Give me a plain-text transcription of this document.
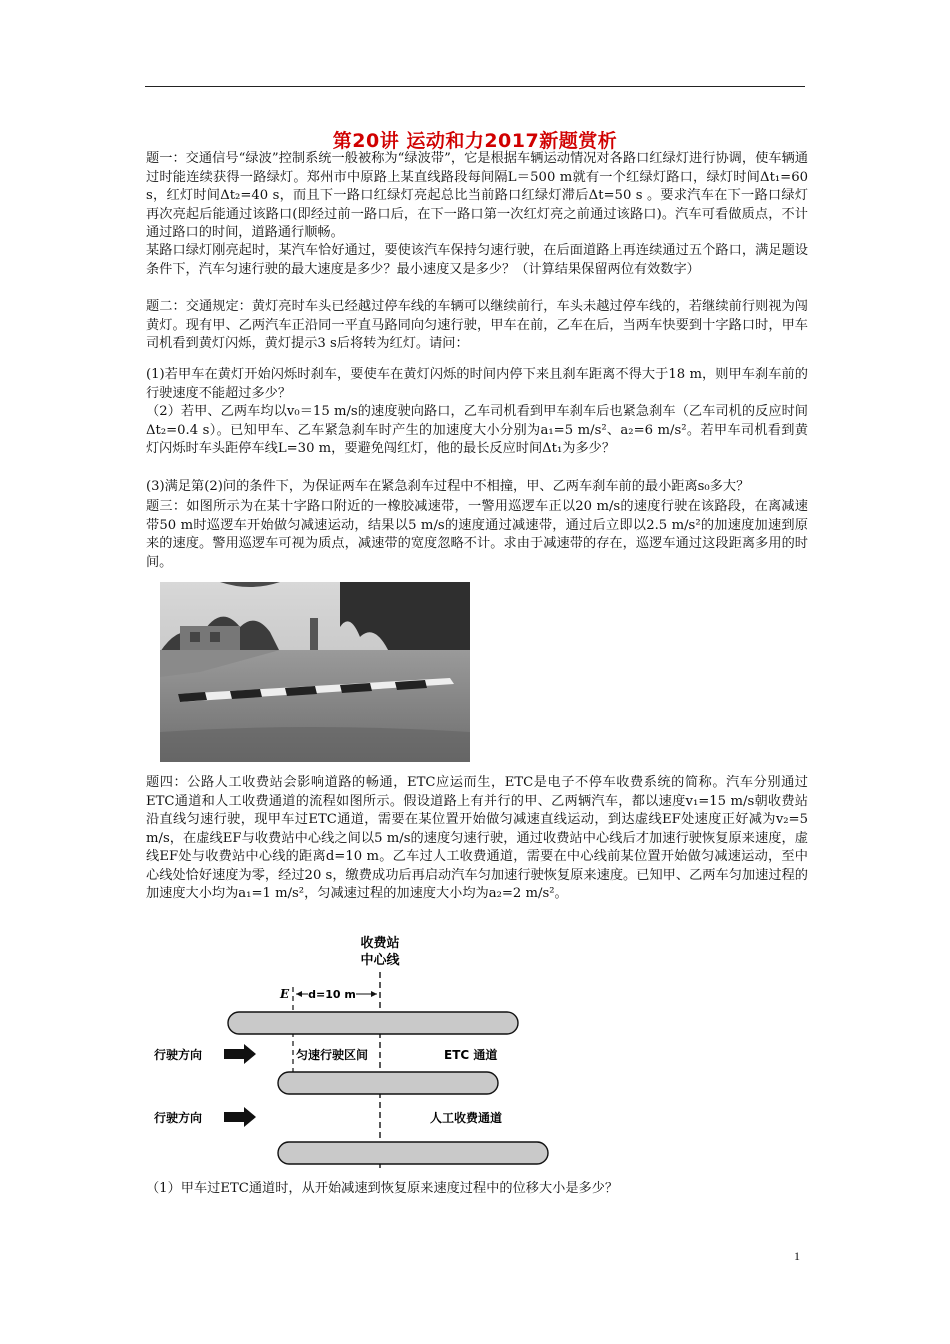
第20讲 运动和力2017新题赏析

题一：交通信号“绿波”控制系统一般被称为“绿波带”，它是根据车辆运动情况对各路口红绿灯进行协调，使车辆通过时能连续获得一路绿灯。郑州市中原路上某直线路段每间隔L＝500 m就有一个红绿灯路口，绿灯时间Δt₁=60 s，红灯时间Δt₂=40 s，而且下一路口红绿灯亮起总比当前路口红绿灯滞后Δt=50 s 。要求汽车在下一路口绿灯再次亮起后能通过该路口(即经过前一路口后，在下一路口第一次红灯亮之前通过该路口)。汽车可看做质点，不计通过路口的时间，道路通行顺畅。

某路口绿灯刚亮起时，某汽车恰好通过，要使该汽车保持匀速行驶，在后面道路上再连续通过五个路口，满足题设条件下，汽车匀速行驶的最大速度是多少？最小速度又是多少？（计算结果保留两位有效数字）

题二：交通规定：黄灯亮时车头已经越过停车线的车辆可以继续前行，车头未越过停车线的，若继续前行则视为闯黄灯。现有甲、乙两汽车正沿同一平直马路同向匀速行驶，甲车在前，乙车在后，当两车快要到十字路口时，甲车司机看到黄灯闪烁，黄灯提示3 s后将转为红灯。请问：

(1)若甲车在黄灯开始闪烁时刹车，要使车在黄灯闪烁的时间内停下来且刹车距离不得大于18 m，则甲车刹车前的行驶速度不能超过多少？

（2）若甲、乙两车均以v₀＝15 m/s的速度驶向路口，乙车司机看到甲车刹车后也紧急刹车（乙车司机的反应时间Δt₂=0.4 s）。已知甲车、乙车紧急刹车时产生的加速度大小分别为a₁=5 m/s²、a₂=6 m/s²。若甲车司机看到黄灯闪烁时车头距停车线L=30 m，要避免闯红灯，他的最长反应时间Δt₁为多少？

(3)满足第(2)问的条件下，为保证两车在紧急刹车过程中不相撞，甲、乙两车刹车前的最小距离s₀多大？

题三：如图所示为在某十字路口附近的一橡胶减速带，一警用巡逻车正以20 m/s的速度行驶在该路段，在离减速带50 m时巡逻车开始做匀减速运动，结果以5 m/s的速度通过减速带，通过后立即以2.5 m/s²的加速度加速到原来的速度。警用巡逻车可视为质点，减速带的宽度忽略不计。求由于减速带的存在，巡逻车通过这段距离多用的时间。

题四：公路人工收费站会影响道路的畅通，ETC应运而生，ETC是电子不停车收费系统的简称。汽车分别通过ETC通道和人工收费通道的流程如图所示。假设道路上有并行的甲、乙两辆汽车，都以速度v₁=15 m/s朝收费站沿直线匀速行驶，现甲车过ETC通道，需要在某位置开始做匀减速直线运动，到达虚线EF处速度正好减为v₂=5 m/s，在虚线EF与收费站中心线之间以5 m/s的速度匀速行驶，通过收费站中心线后才加速行驶恢复原来速度，虚线EF处与收费站中心线的距离d=10 m。乙车过人工收费通道，需要在中心线前某位置开始做匀减速运动，至中心线处恰好速度为零，经过20 s，缴费成功后再启动汽车匀加速行驶恢复原来速度。已知甲、乙两车匀加速过程的加速度大小均为a₁=1 m/s²，匀减速过程的加速度大小均为a₂=2 m/s²。

收费站
中心线
E d=10 m
行驶方向
行驶方向
匀速行驶区间	ETC 通道
人工收费通道

（1）甲车过ETC通道时，从开始减速到恢复原来速度过程中的位移大小是多少？

1
